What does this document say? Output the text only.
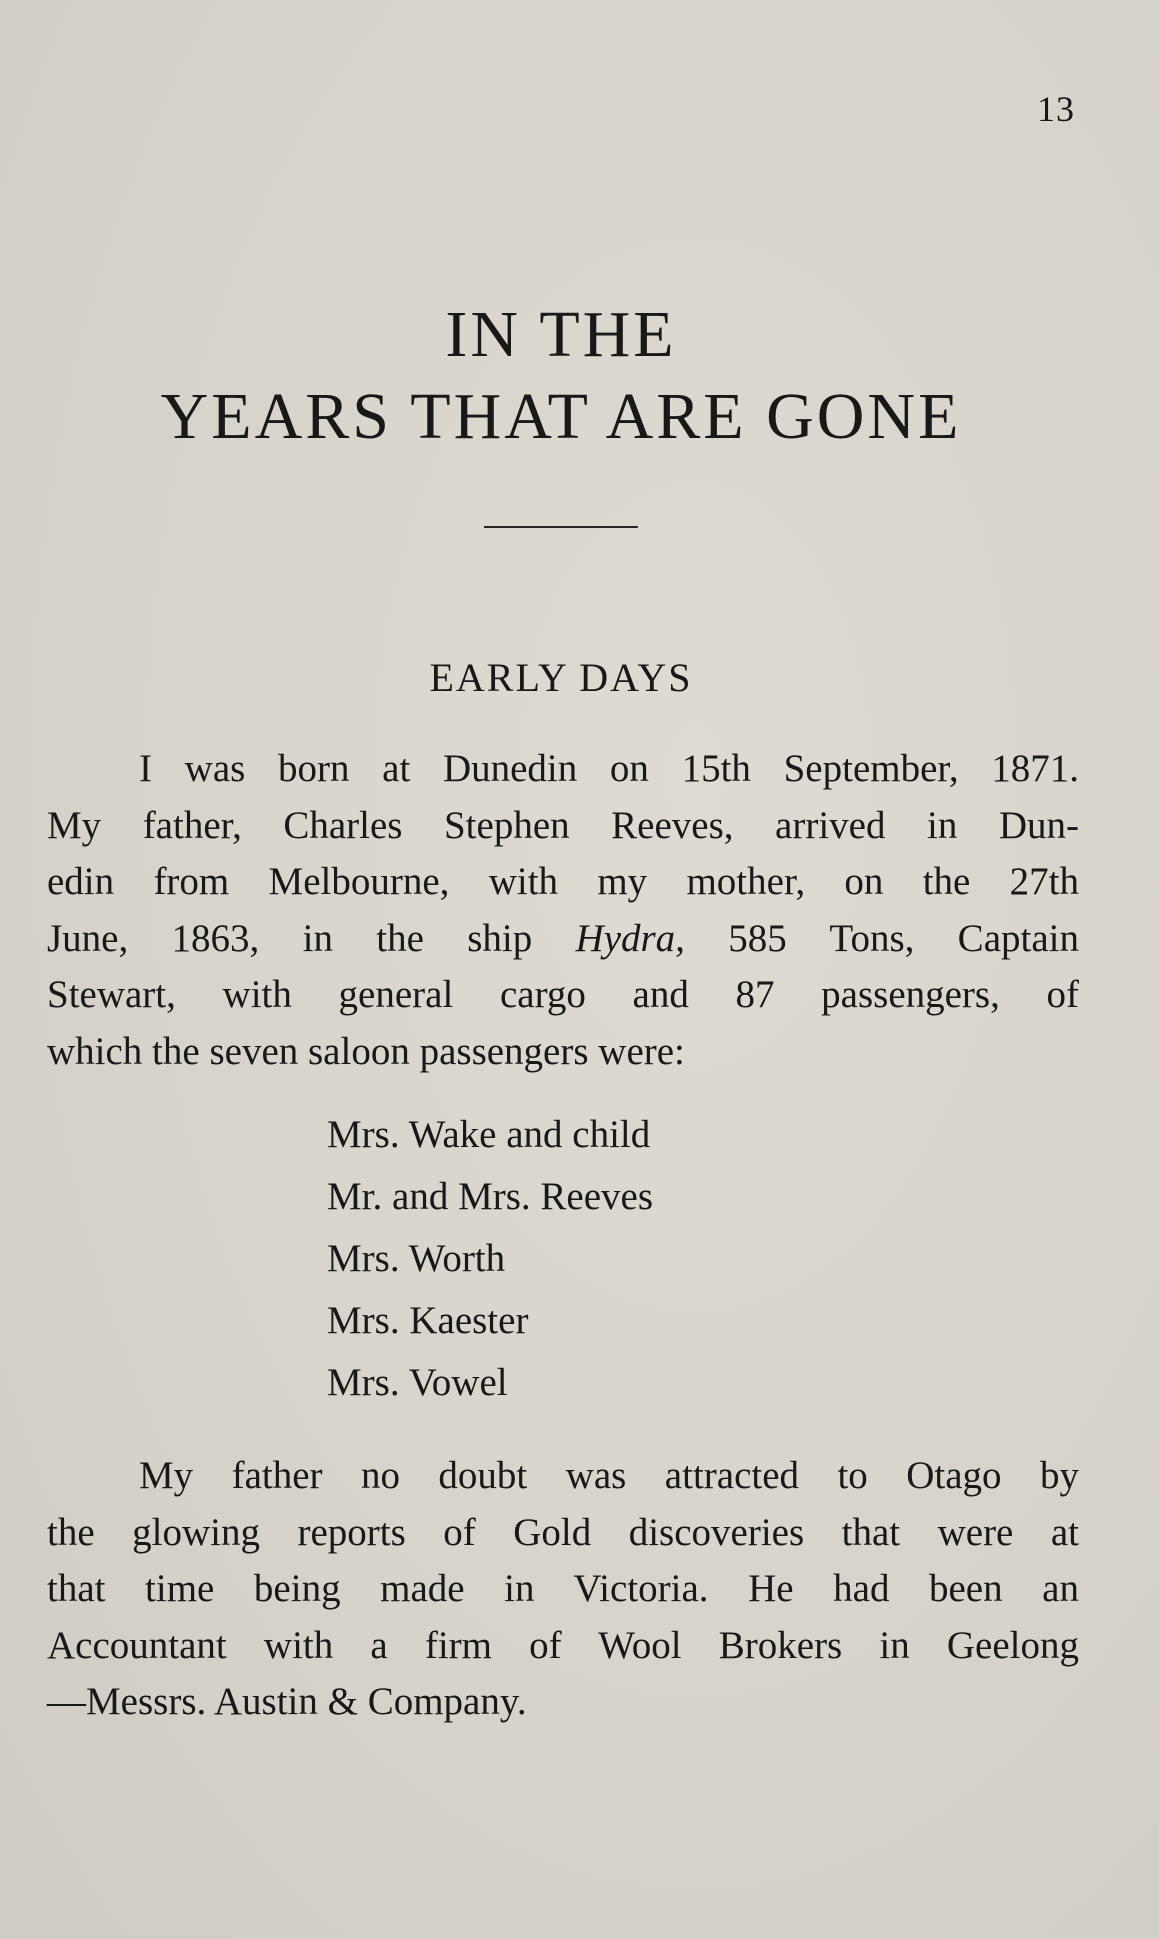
13
IN THE
YEARS THAT ARE GONE
EARLY DAYS

I was born at Dunedin on 15th September, 1871.
My father, Charles Stephen Reeves, arrived in Dun-
edin from Melbourne, with my mother, on the 27th
June, 1863, in the ship Hydra, 585 Tons, Captain
Stewart, with general cargo and 87 passengers, of
which the seven saloon passengers were:

Mrs. Wake and child
Mr. and Mrs. Reeves
Mrs. Worth
Mrs. Kaester
Mrs. Vowel

My father no doubt was attracted to Otago by
the glowing reports of Gold discoveries that were at
that time being made in Victoria. He had been an
Accountant with a firm of Wool Brokers in Geelong
—Messrs. Austin & Company.
